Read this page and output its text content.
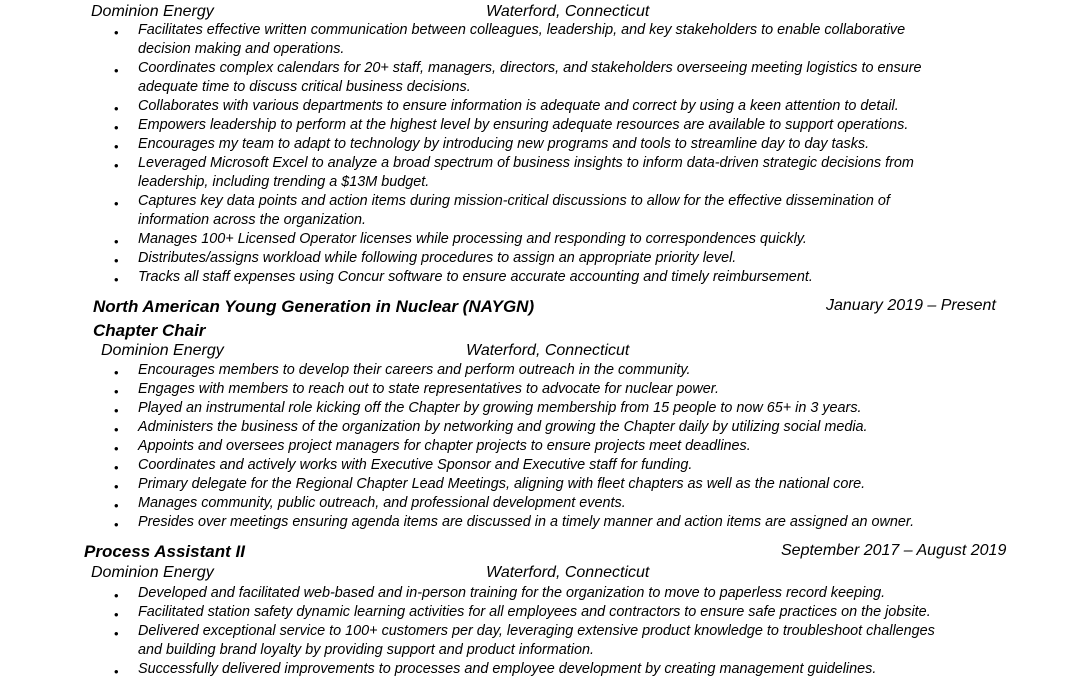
Dominion Energy	Waterford, Connecticut
• Facilitates effective written communication between colleagues, leadership, and key stakeholders to enable collaborative
decision making and operations.
• Coordinates complex calendars for 20+ staff, managers, directors, and stakeholders overseeing meeting logistics to ensure
adequate time to discuss critical business decisions.
• Collaborates with various departments to ensure information is adequate and correct by using a keen attention to detail.
• Empowers leadership to perform at the highest level by ensuring adequate resources are available to support operations.
• Encourages my team to adapt to technology by introducing new programs and tools to streamline day to day tasks.
• Leveraged Microsoft Excel to analyze a broad spectrum of business insights to inform data-driven strategic decisions from
leadership, including trending a $13M budget.
• Captures key data points and action items during mission-critical discussions to allow for the effective dissemination of
information across the organization.
• Manages 100+ Licensed Operator licenses while processing and responding to correspondences quickly.
• Distributes/assigns workload while following procedures to assign an appropriate priority level.
• Tracks all staff expenses using Concur software to ensure accurate accounting and timely reimbursement.
North American Young Generation in Nuclear (NAYGN)	January 2019 – Present
Chapter Chair
Dominion Energy	Waterford, Connecticut
• Encourages members to develop their careers and perform outreach in the community.
• Engages with members to reach out to state representatives to advocate for nuclear power.
• Played an instrumental role kicking off the Chapter by growing membership from 15 people to now 65+ in 3 years.
• Administers the business of the organization by networking and growing the Chapter daily by utilizing social media.
• Appoints and oversees project managers for chapter projects to ensure projects meet deadlines.
• Coordinates and actively works with Executive Sponsor and Executive staff for funding.
• Primary delegate for the Regional Chapter Lead Meetings, aligning with fleet chapters as well as the national core.
• Manages community, public outreach, and professional development events.
• Presides over meetings ensuring agenda items are discussed in a timely manner and action items are assigned an owner.
Process Assistant II	September 2017 – August 2019
Dominion Energy	Waterford, Connecticut
• Developed and facilitated web-based and in-person training for the organization to move to paperless record keeping.
• Facilitated station safety dynamic learning activities for all employees and contractors to ensure safe practices on the jobsite.
• Delivered exceptional service to 100+ customers per day, leveraging extensive product knowledge to troubleshoot challenges
and building brand loyalty by providing support and product information.
• Successfully delivered improvements to processes and employee development by creating management guidelines.
